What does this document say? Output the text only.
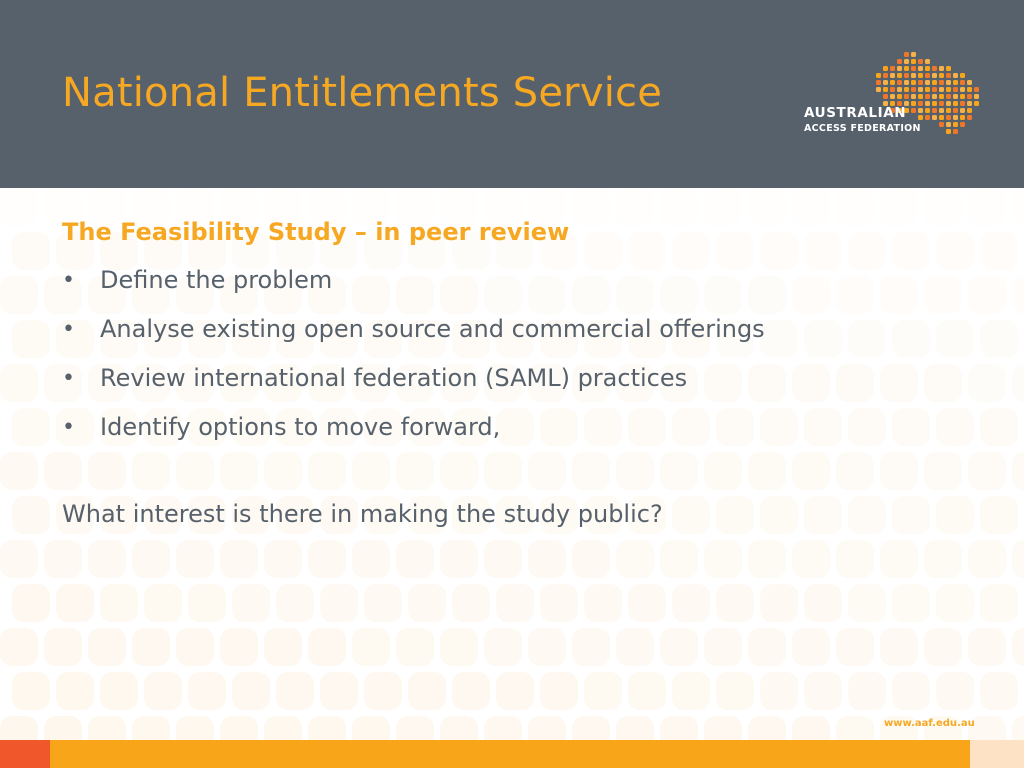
National Entitlements Service	AUSTRALIAN
ACCESS FEDERATION
The Feasibility Study – in peer review
• Define the problem
• Analyse existing open source and commercial offerings
• Review international federation (SAML) practices
• Identify options to move forward,
What interest is there in making the study public?
www.aaf.edu.au
